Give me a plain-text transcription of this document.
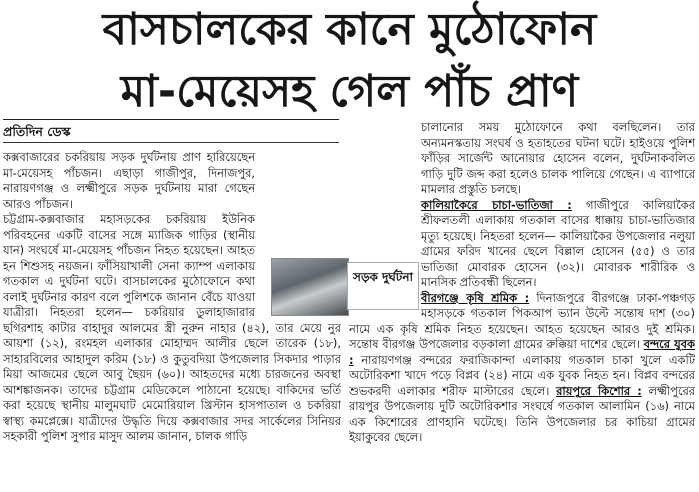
বাসচালকের কানে মুঠোফোন
মা-মেয়েসহ গেল পাঁচ প্রাণ
প্রতিদিন ডেস্ক

কক্সবাজারের চকরিয়ায় সড়ক দুর্ঘটনায় প্রাণ হারিয়েছেন মা-মেয়েসহ পাঁচজন। এছাড়া গাজীপুর, দিনাজপুর, নারায়ণগঞ্জ ও লক্ষ্মীপুরে সড়ক দুর্ঘটনায় মারা গেছেন আরও পাঁচজন।

চট্টগ্রাম-কক্সবাজার মহাসড়কের চকরিয়ায় ইউনিক পরিবহনের একটি বাসের সঙ্গে ম্যাজিক গাড়ির (স্থানীয় যান) সংঘর্ষে মা-মেয়েসহ পাঁচজন নিহত হয়েছেন। আহত হন শিশুসহ নয়জন। ফাঁসিয়াখালী সেনা ক্যাম্প এলাকায় গতকাল এ দুর্ঘটনা ঘটে। বাসচালকের মুঠোফোনে কথা বলাই দুর্ঘটনার কারণ বলে পুলিশকে জানান বেঁচে যাওয়া যাত্রীরা। নিহতরা হলেন— চকরিয়ার ডুলাহাজারার ছগিরশাহ কাটার বাহাদুর আলমের স্ত্রী নুরুন নাহার (৪২), তার মেয়ে নুর আয়শা (১২), রংমহল এলাকার মোহাম্মদ আলীর ছেলে তারেক (১৮), সাহারবিলের আহাদুল করিম (১৮) ও কুতুবদিয়া উপজেলার সিকদার পাড়ার মিয়া আজমের ছেলে আবু ছৈয়দ (৬০)। আহতদের মধ্যে চারজনের অবস্থা আশঙ্কাজনক। তাদের চট্টগ্রাম মেডিকেলে পাঠানো হয়েছে। বাকিদের ভর্তি করা হয়েছে স্থানীয় মালুমঘাট মেমোরিয়াল খ্রিস্টান হাসপাতাল ও চকরিয়া স্বাস্থ্য কমপ্লেক্সে। যাত্রীদের উদ্ধৃতি দিয়ে কক্সবাজার সদর সার্কেলের সিনিয়র সহকারী পুলিশ সুপার মাসুদ আলম জানান, চালক গাড়ি

চালানোর সময় মুঠোফোনে কথা বলছিলেন। তার অন্যমনস্কতায় সংঘর্ষ ও হতাহতের ঘটনা ঘটে। হাইওয়ে পুলিশ ফাঁড়ির সার্জেন্ট আনোয়ার হোসেন বলেন, দুর্ঘটনাকবলিত গাড়ি দুটি জব্দ করা হলেও চালক পালিয়ে গেছেন। এ ব্যাপারে মামলার প্রস্তুতি চলছে।

কালিয়াকৈরে চাচা-ভাতিজা : গাজীপুরে কালিয়াকৈর শ্রীফলতলী এলাকায় গতকাল বাসের ধাক্কায় চাচা-ভাতিজার মৃত্যু হয়েছে। নিহতরা হলেন— কালিয়াকৈর উপজেলার নলুয়া গ্রামের ফরিদ খানের ছেলে বিল্লাল হোসেন (৫৫) ও তার ভাতিজা মোবারক হোসেন (৩২)। মোবারক শারীরিক ও মানসিক প্রতিবন্ধী ছিলেন।

বীরগঞ্জে কৃষি শ্রমিক : দিনাজপুরে বীরগঞ্জে ঢাকা-পঞ্চগড় মহাসড়কে গতকাল পিকআপ ভ্যান উল্টে সন্তোষ দাশ (৩০) নামে এক কৃষি শ্রমিক নিহত হয়েছেন। আহত হয়েছেন আরও দুই শ্রমিক। সন্তোষ বীরগঞ্জ উপজেলার বড়কালা গ্রামের রুক্কিয়া দাশের ছেলে। বন্দরে যুবক : নারায়ণগঞ্জ বন্দরের ফরাজিকান্দা এলাকায় গতকাল চাকা খুলে একটি অটোরিকশা খাদে পড়ে বিপ্লব (২৪) নামে এক যুবক নিহত হন। বিপ্লব বন্দরের শুভকরদী এলাকার শরীফ মাস্টারের ছেলে। রায়পুরে কিশোর : লক্ষ্মীপুরের রায়পুর উপজেলায় দুটি অটোরিকশার সংঘর্ষে গতকাল আলামিন (১৬) নামে এক কিশোরের প্রাণহানি ঘটেছে। তিনি উপজেলার চর কাচিয়া গ্রামের ইয়াকুবের ছেলে।

সড়ক দুর্ঘটনা
